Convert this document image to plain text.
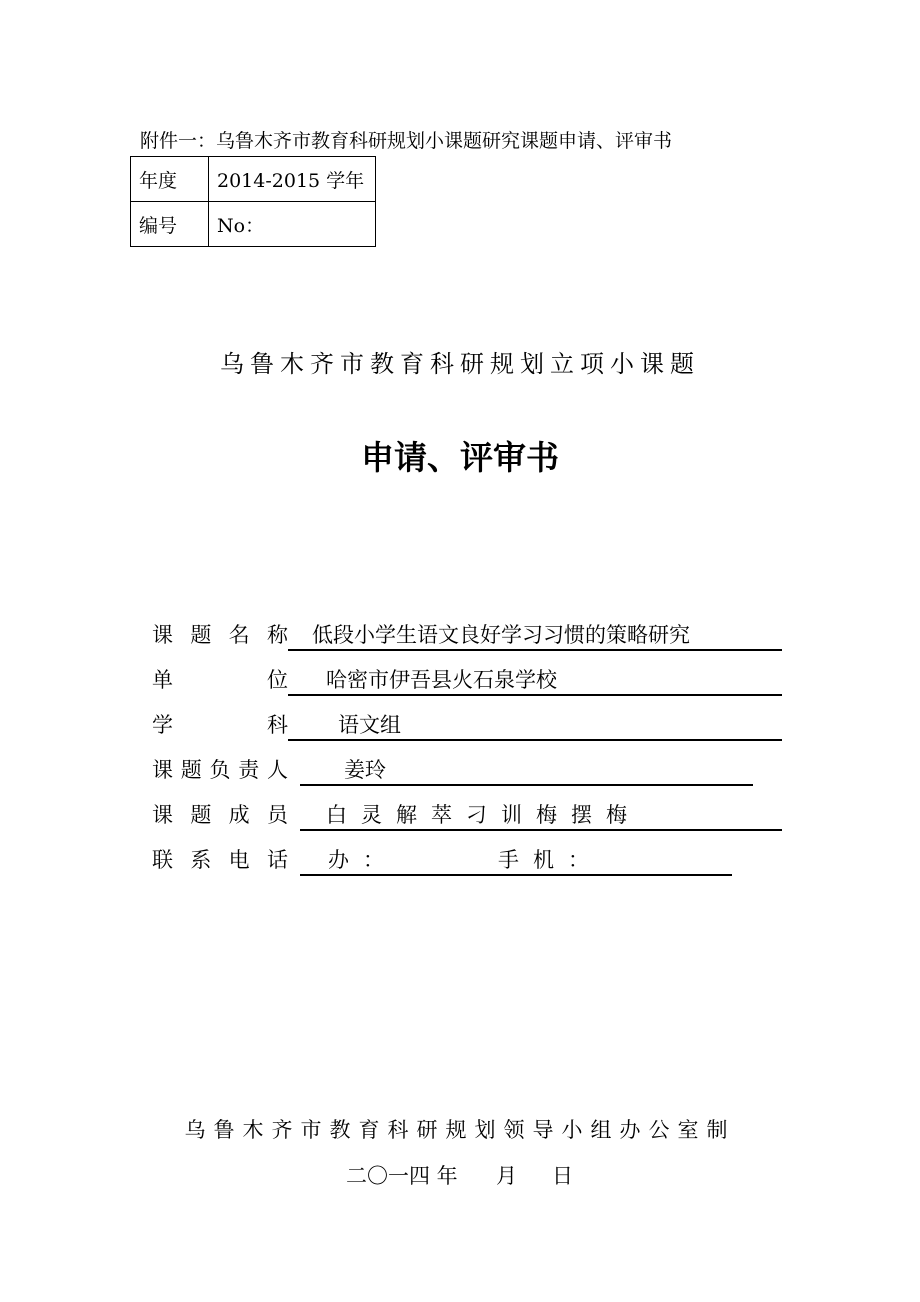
附件一：乌鲁木齐市教育科研规划小课题研究课题申请、评审书
年度	2014-2015 学年
编号	No：
乌鲁木齐市教育科研规划立项小课题
申请、评审书
课 题 名 称 低段小学生语文良好学习习惯的策略研究
单	位 哈密市伊吾县火石泉学校
学	科 语文组
课 题 负 责 人	姜玲
课 题 成 员 白灵解萃刁训梅摆梅
联 系 电 话 办：	手机：
乌鲁木齐市教育科研规划领导小组办公室制
二〇一四 年 月 日
